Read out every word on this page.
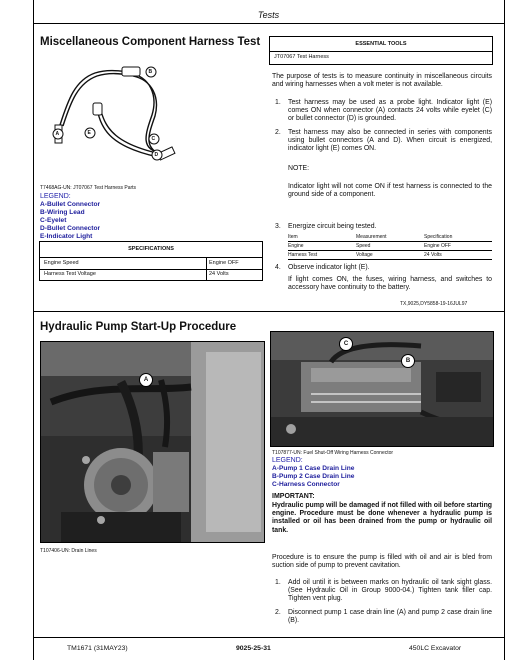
Tests
Miscellaneous Component Harness Test
B
A	E
C
D
T7468AG-UN: JT07067 Test Harness Parts
LEGEND:
A-Bullet Connector
B-Wiring Lead
C-Eyelet
D-Bullet Connector
E-Indicator Light
SPECIFICATIONS
Engine Speed	Engine OFF
Harness Test Voltage	24 Volts
ESSENTIAL TOOLS
JT07067 Test Harness
The purpose of tests is to measure continuity in miscellaneous circuits and wiring harnesses when a volt meter is not available.
1. Test harness may be used as a probe light. Indicator light (E) comes ON when connector (A) contacts 24 volts while eyelet (C) or bullet connector (D) is grounded.
2. Test harness may also be connected in series with components using bullet connectors (A and D). When circuit is energized, indicator light (E) comes ON.
NOTE:
Indicator light will not come ON if test harness is connected to the ground side of a component.
3. Energize circuit being tested.
Item	Measurement	Specification
Engine	Speed	Engine OFF
Harness Test	Voltage	24 Volts
4. Observe indicator light (E).
If light comes ON, the fuses, wiring harness, and switches to accessory have continuity to the battery.
TX,9025,DY5858-19-16JUL97
Hydraulic Pump Start-Up Procedure
A
T107406-UN: Drain Lines
C
B
T107877-UN: Fuel Shut-Off Wiring Harness Connector
LEGEND:
A-Pump 1 Case Drain Line
B-Pump 2 Case Drain Line
C-Harness Connector
IMPORTANT:
Hydraulic pump will be damaged if not filled with oil before starting engine. Procedure must be done whenever a hydraulic pump is installed or oil has been drained from the pump or hydraulic oil tank.
Procedure is to ensure the pump is filled with oil and air is bled from suction side of pump to prevent cavitation.
1. Add oil until it is between marks on hydraulic oil tank sight glass. (See Hydraulic Oil in Group 9000-04.) Tighten tank filler cap. Tighten vent plug.
2. Disconnect pump 1 case drain line (A) and pump 2 case drain line (B).
TM1671 (31MAY23)	9025-25-31	450LC Excavator
